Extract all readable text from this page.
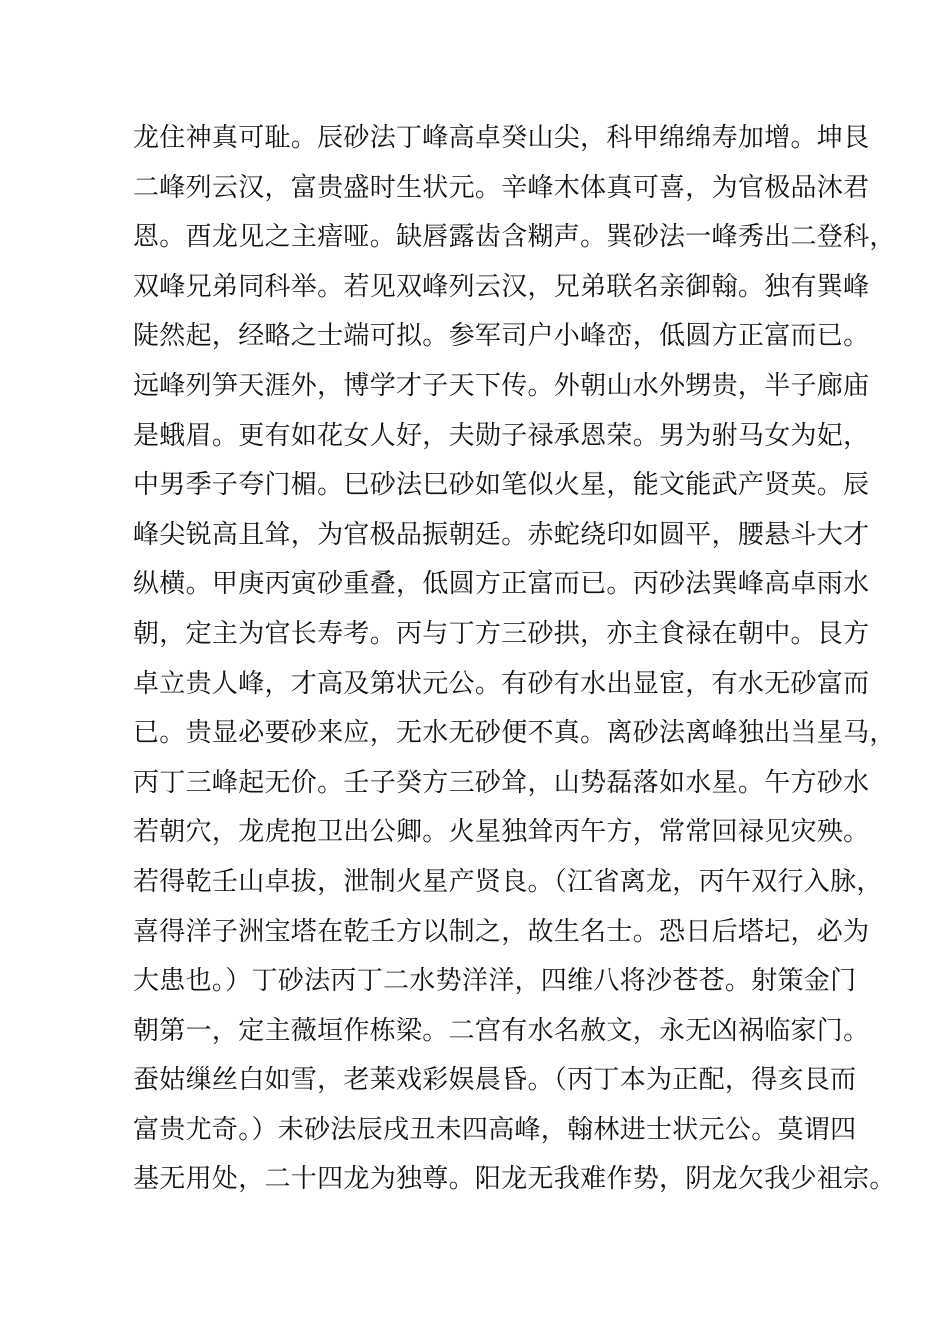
龙住神真可耻。辰砂法丁峰高卓癸山尖，科甲绵绵寿加增。坤艮
二峰列云汉，富贵盛时生状元。辛峰木体真可喜，为官极品沐君
恩。酉龙见之主瘖哑。缺唇露齿含糊声。巽砂法一峰秀出二登科，
双峰兄弟同科举。若见双峰列云汉，兄弟联名亲御翰。独有巽峰
陡然起，经略之士端可拟。参军司户小峰峦，低圆方正富而已。
远峰列笋天涯外，博学才子天下传。外朝山水外甥贵，半子廊庙
是蛾眉。更有如花女人好，夫勋子禄承恩荣。男为驸马女为妃，
中男季子夸门楣。巳砂法巳砂如笔似火星，能文能武产贤英。辰
峰尖锐高且耸，为官极品振朝廷。赤蛇绕印如圆平，腰悬斗大才
纵横。甲庚丙寅砂重叠，低圆方正富而已。丙砂法巽峰高卓雨水
朝，定主为官长寿考。丙与丁方三砂拱，亦主食禄在朝中。艮方
卓立贵人峰，才高及第状元公。有砂有水出显宦，有水无砂富而
已。贵显必要砂来应，无水无砂便不真。离砂法离峰独出当星马，
丙丁三峰起无价。壬子癸方三砂耸，山势磊落如水星。午方砂水
若朝穴，龙虎抱卫出公卿。火星独耸丙午方，常常回禄见灾殃。
若得乾壬山卓拔，泄制火星产贤良。（江省离龙，丙午双行入脉，
喜得洋子洲宝塔在乾壬方以制之，故生名士。恐日后塔圮，必为
大患也。）丁砂法丙丁二水势洋洋，四维八将沙苍苍。射策金门
朝第一，定主薇垣作栋梁。二宫有水名赦文，永无凶祸临家门。
蚕姑缫丝白如雪，老莱戏彩娱晨昏。（丙丁本为正配，得亥艮而
富贵尤奇。）未砂法辰戌丑未四高峰，翰林进士状元公。莫谓四
基无用处，二十四龙为独尊。阳龙无我难作势，阴龙欠我少祖宗。
